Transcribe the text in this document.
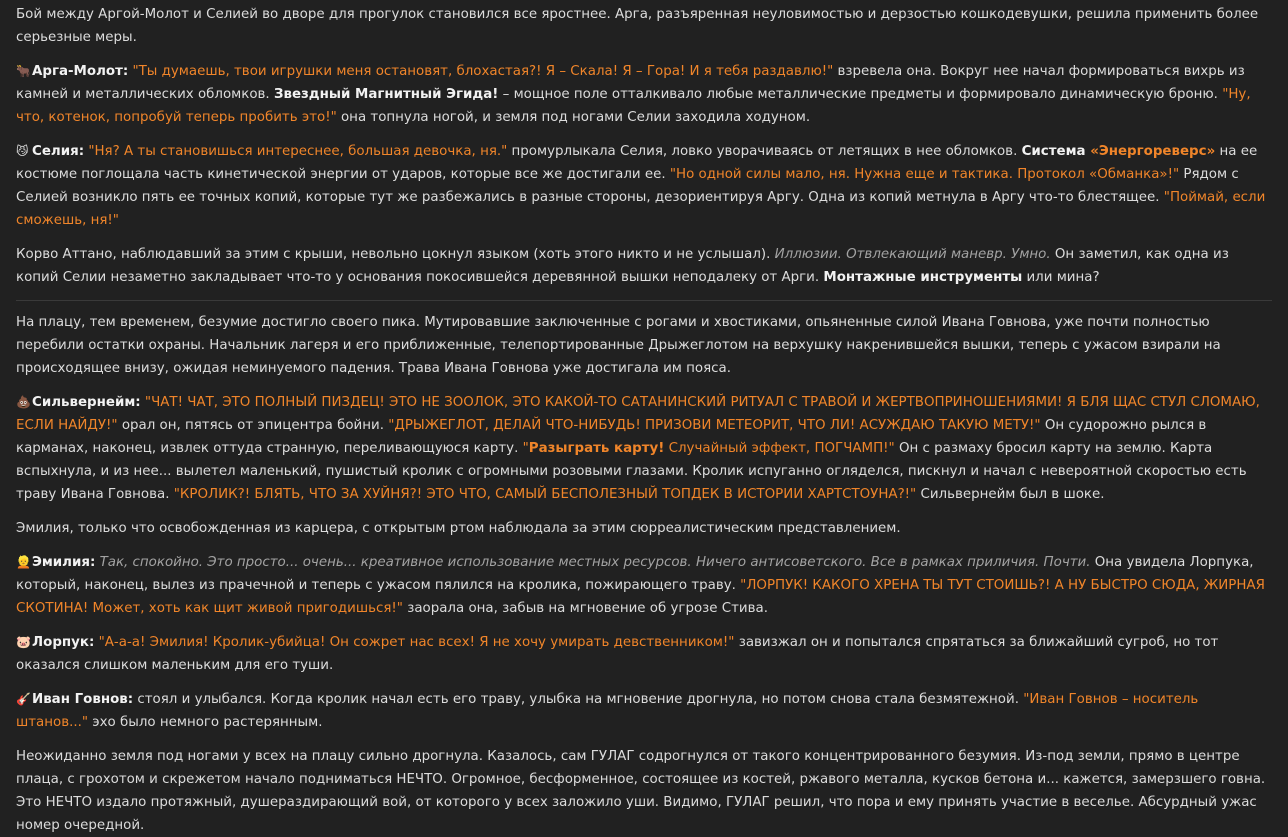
Бой между Аргой-Молот и Селией во дворе для прогулок становился все яростнее. Арга, разъяренная неуловимостью и дерзостью кошкодевушки, решила применить более серьезные меры.

🐂Арга-Молот: "Ты думаешь, твои игрушки меня остановят, блохастая?! Я – Скала! Я – Гора! И я тебя раздавлю!" взревела она. Вокруг нее начал формироваться вихрь из камней и металлических обломков. Звездный Магнитный Эгида! – мощное поле отталкивало любые металлические предметы и формировало динамическую броню. "Ну, что, котенок, попробуй теперь пробить это!" она топнула ногой, и земля под ногами Селии заходила ходуном.

😼 Селия: "Ня? А ты становишься интереснее, большая девочка, ня." промурлыкала Селия, ловко уворачиваясь от летящих в нее обломков. Система «Энергореверс» на ее костюме поглощала часть кинетической энергии от ударов, которые все же достигали ее. "Но одной силы мало, ня. Нужна еще и тактика. Протокол «Обманка»!" Рядом с Селией возникло пять ее точных копий, которые тут же разбежались в разные стороны, дезориентируя Аргу. Одна из копий метнула в Аргу что-то блестящее. "Поймай, если сможешь, ня!"

Корво Аттано, наблюдавший за этим с крыши, невольно цокнул языком (хоть этого никто и не услышал). Иллюзии. Отвлекающий маневр. Умно. Он заметил, как одна из копий Селии незаметно закладывает что-то у основания покосившейся деревянной вышки неподалеку от Арги. Монтажные инструменты или мина?

На плацу, тем временем, безумие достигло своего пика. Мутировавшие заключенные с рогами и хвостиками, опьяненные силой Ивана Говнова, уже почти полностью перебили остатки охраны. Начальник лагеря и его приближенные, телепортированные Дрыжеглотом на верхушку накренившейся вышки, теперь с ужасом взирали на происходящее внизу, ожидая неминуемого падения. Трава Ивана Говнова уже достигала им пояса.

💩Сильвернейм: "ЧАТ! ЧАТ, ЭТО ПОЛНЫЙ ПИЗДЕЦ! ЭТО НЕ ЗООЛОК, ЭТО КАКОЙ-ТО САТАНИНСКИЙ РИТУАЛ С ТРАВОЙ И ЖЕРТВОПРИНОШЕНИЯМИ! Я БЛЯ ЩАС СТУЛ СЛОМАЮ, ЕСЛИ НАЙДУ!" орал он, пятясь от эпицентра бойни. "ДРЫЖЕГЛОТ, ДЕЛАЙ ЧТО-НИБУДЬ! ПРИЗОВИ МЕТЕОРИТ, ЧТО ЛИ! АСУЖДАЮ ТАКУЮ МЕТУ!" Он судорожно рылся в карманах, наконец, извлек оттуда странную, переливающуюся карту. "Разыграть карту! Случайный эффект, ПОГЧАМП!" Он с размаху бросил карту на землю. Карта вспыхнула, и из нее... вылетел маленький, пушистый кролик с огромными розовыми глазами. Кролик испуганно огляделся, пискнул и начал с невероятной скоростью есть траву Ивана Говнова. "КРОЛИК?! БЛЯТЬ, ЧТО ЗА ХУЙНЯ?! ЭТО ЧТО, САМЫЙ БЕСПОЛЕЗНЫЙ ТОПДЕК В ИСТОРИИ ХАРТСТОУНА?!" Сильвернейм был в шоке.

Эмилия, только что освобожденная из карцера, с открытым ртом наблюдала за этим сюрреалистическим представлением.

👱Эмилия: Так, спокойно. Это просто... очень... креативное использование местных ресурсов. Ничего антисоветского. Все в рамках приличия. Почти. Она увидела Лорпука, который, наконец, вылез из прачечной и теперь с ужасом пялился на кролика, пожирающего траву. "ЛОРПУК! КАКОГО ХРЕНА ТЫ ТУТ СТОИШЬ?! А НУ БЫСТРО СЮДА, ЖИРНАЯ СКОТИНА! Может, хоть как щит живой пригодишься!" заорала она, забыв на мгновение об угрозе Стива.

🐷Лорпук: "А-а-а! Эмилия! Кролик-убийца! Он сожрет нас всех! Я не хочу умирать девственником!" завизжал он и попытался спрятаться за ближайший сугроб, но тот оказался слишком маленьким для его туши.

🎸Иван Говнов: стоял и улыбался. Когда кролик начал есть его траву, улыбка на мгновение дрогнула, но потом снова стала безмятежной. "Иван Говнов – носитель штанов..." эхо было немного растерянным.

Неожиданно земля под ногами у всех на плацу сильно дрогнула. Казалось, сам ГУЛАГ содрогнулся от такого концентрированного безумия. Из-под земли, прямо в центре плаца, с грохотом и скрежетом начало подниматься НЕЧТО. Огромное, бесформенное, состоящее из костей, ржавого металла, кусков бетона и... кажется, замерзшего говна. Это НЕЧТО издало протяжный, душераздирающий вой, от которого у всех заложило уши. Видимо, ГУЛАГ решил, что пора и ему принять участие в веселье. Абсурдный ужас номер очередной.
